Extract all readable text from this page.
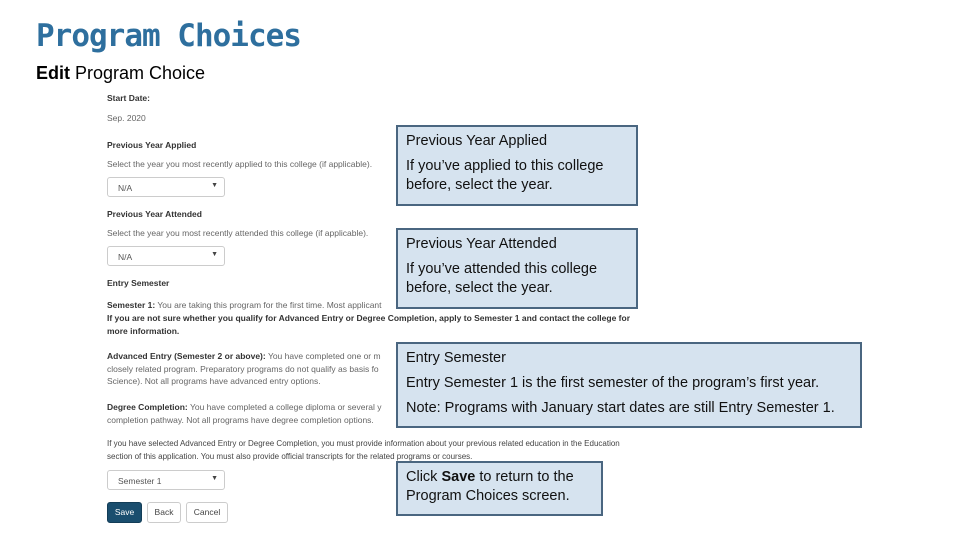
Program Choices
Edit Program Choice
Start Date:
Sep. 2020
Previous Year Applied
Select the year you most recently applied to this college (if applicable).
N/A	▼
Previous Year Attended
Select the year you most recently attended this college (if applicable).
N/A	▼
Entry Semester
Semester 1: You are taking this program for the first time. Most applicant
If you are not sure whether you qualify for Advanced Entry or Degree Completion, apply to Semester 1 and contact the college for more information.
Advanced Entry (Semester 2 or above): You have completed one or m closely related program. Preparatory programs do not qualify as basis fo Science). Not all programs have advanced entry options.
Degree Completion: You have completed a college diploma or several y completion pathway. Not all programs have degree completion options.
If you have selected Advanced Entry or Degree Completion, you must provide information about your previous related education in the Education section of this application. You must also provide official transcripts for the related programs or courses.
Semester 1	▼
Save	Back	Cancel
Previous Year Applied

If you’ve applied to this college before, select the year.

Previous Year Attended

If you’ve attended this college before, select the year.

Entry Semester

Entry Semester 1 is the first semester of the program’s first year.

Note: Programs with January start dates are still Entry Semester 1.

Click Save to return to the Program Choices screen.
